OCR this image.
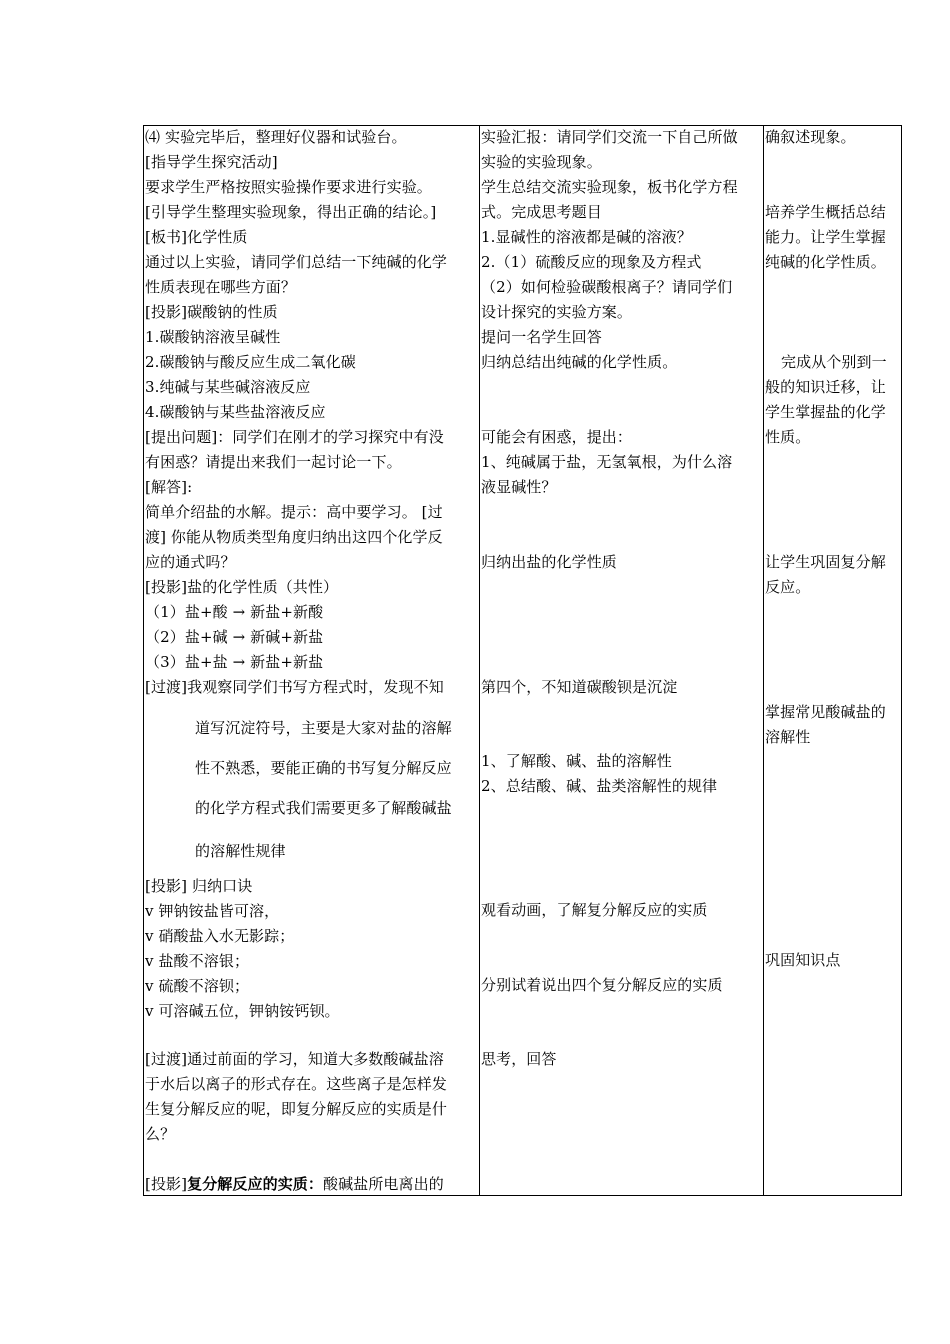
⑷ 实验完毕后，整理好仪器和试验台。
[指导学生探究活动]
要求学生严格按照实验操作要求进行实验。
[引导学生整理实验现象，得出正确的结论。]
[板书]化学性质
通过以上实验，请同学们总结一下纯碱的化学
性质表现在哪些方面？
[投影]碳酸钠的性质
1.碳酸钠溶液呈碱性
2.碳酸钠与酸反应生成二氧化碳
3.纯碱与某些碱溶液反应
4.碳酸钠与某些盐溶液反应
[提出问题]：同学们在刚才的学习探究中有没
有困惑？请提出来我们一起讨论一下。
[解答]:
简单介绍盐的水解。提示：高中要学习。 [过
渡] 你能从物质类型角度归纳出这四个化学反
应的通式吗？
[投影]盐的化学性质（共性）
（1）盐+酸 → 新盐+新酸
（2）盐+碱 → 新碱+新盐
（3）盐+盐 → 新盐+新盐
[过渡]我观察同学们书写方程式时，发现不知
道写沉淀符号，主要是大家对盐的溶解
性不熟悉，要能正确的书写复分解反应
的化学方程式我们需要更多了解酸碱盐
的溶解性规律
[投影] 归纳口诀
v 钾钠铵盐皆可溶，
v 硝酸盐入水无影踪；
v 盐酸不溶银；
v 硫酸不溶钡；
v 可溶碱五位，钾钠铵钙钡。
[过渡]通过前面的学习，知道大多数酸碱盐溶
于水后以离子的形式存在。这些离子是怎样发
生复分解反应的呢，即复分解反应的实质是什
么？
[投影]复分解反应的实质：酸碱盐所电离出的
实验汇报：请同学们交流一下自己所做
实验的实验现象。
学生总结交流实验现象，板书化学方程
式。完成思考题目
1.显碱性的溶液都是碱的溶液？
2.（1）硫酸反应的现象及方程式
（2）如何检验碳酸根离子？请同学们
设计探究的实验方案。
提问一名学生回答
归纳总结出纯碱的化学性质。
可能会有困惑，提出：
1、纯碱属于盐，无氢氧根，为什么溶
液显碱性？
归纳出盐的化学性质
第四个，不知道碳酸钡是沉淀
1、了解酸、碱、盐的溶解性
2、总结酸、碱、盐类溶解性的规律
观看动画，了解复分解反应的实质
分别试着说出四个复分解反应的实质
思考，回答
确叙述现象。
培养学生概括总结
能力。让学生掌握
纯碱的化学性质。
完成从个别到一
般的知识迁移，让
学生掌握盐的化学
性质。
让学生巩固复分解
反应。
掌握常见酸碱盐的
溶解性
巩固知识点
